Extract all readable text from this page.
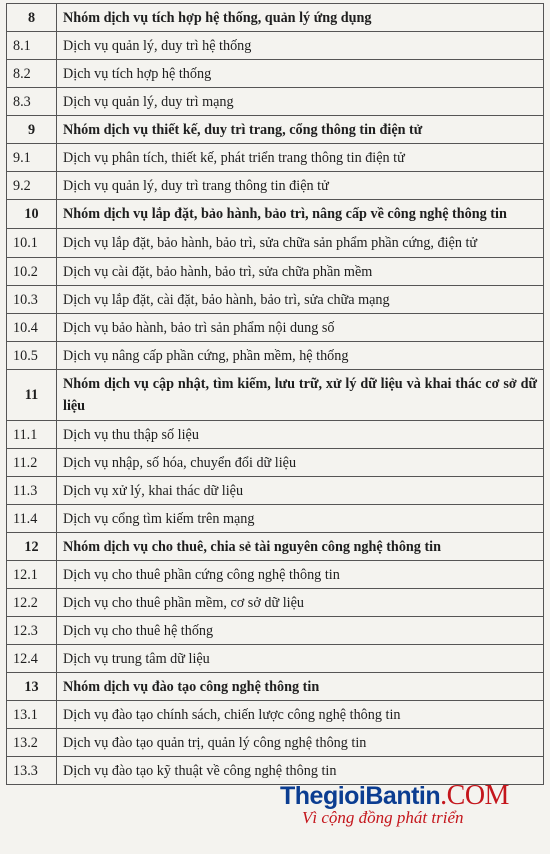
8	Nhóm dịch vụ tích hợp hệ thống, quản lý ứng dụng
8.1	Dịch vụ quản lý, duy trì hệ thống
8.2	Dịch vụ tích hợp hệ thống
8.3	Dịch vụ quản lý, duy trì mạng
9	Nhóm dịch vụ thiết kế, duy trì trang, cổng thông tin điện tử
9.1	Dịch vụ phân tích, thiết kế, phát triển trang thông tin điện tử
9.2	Dịch vụ quản lý, duy trì trang thông tin điện tử
10	Nhóm dịch vụ lắp đặt, bảo hành, bảo trì, nâng cấp về công nghệ thông tin
10.1	Dịch vụ lắp đặt, bảo hành, bảo trì, sửa chữa sản phẩm phần cứng, điện tử
10.2	Dịch vụ cài đặt, bảo hành, bảo trì, sửa chữa phần mềm
10.3	Dịch vụ lắp đặt, cài đặt, bảo hành, bảo trì, sửa chữa mạng
10.4	Dịch vụ bảo hành, bảo trì sản phẩm nội dung số
10.5	Dịch vụ nâng cấp phần cứng, phần mềm, hệ thống
11	Nhóm dịch vụ cập nhật, tìm kiếm, lưu trữ, xử lý dữ liệu và khai thác cơ sở dữ liệu
11.1	Dịch vụ thu thập số liệu
11.2	Dịch vụ nhập, số hóa, chuyển đổi dữ liệu
11.3	Dịch vụ xử lý, khai thác dữ liệu
11.4	Dịch vụ cổng tìm kiếm trên mạng
12	Nhóm dịch vụ cho thuê, chia sẻ tài nguyên công nghệ thông tin
12.1	Dịch vụ cho thuê phần cứng công nghệ thông tin
12.2	Dịch vụ cho thuê phần mềm, cơ sở dữ liệu
12.3	Dịch vụ cho thuê hệ thống
12.4	Dịch vụ trung tâm dữ liệu
13	Nhóm dịch vụ đào tạo công nghệ thông tin
13.1	Dịch vụ đào tạo chính sách, chiến lược công nghệ thông tin
13.2	Dịch vụ đào tạo quản trị, quản lý công nghệ thông tin
13.3	Dịch vụ đào tạo kỹ thuật về công nghệ thông tin
ThegioiBantin.COM
Vì cộng đồng phát triển
